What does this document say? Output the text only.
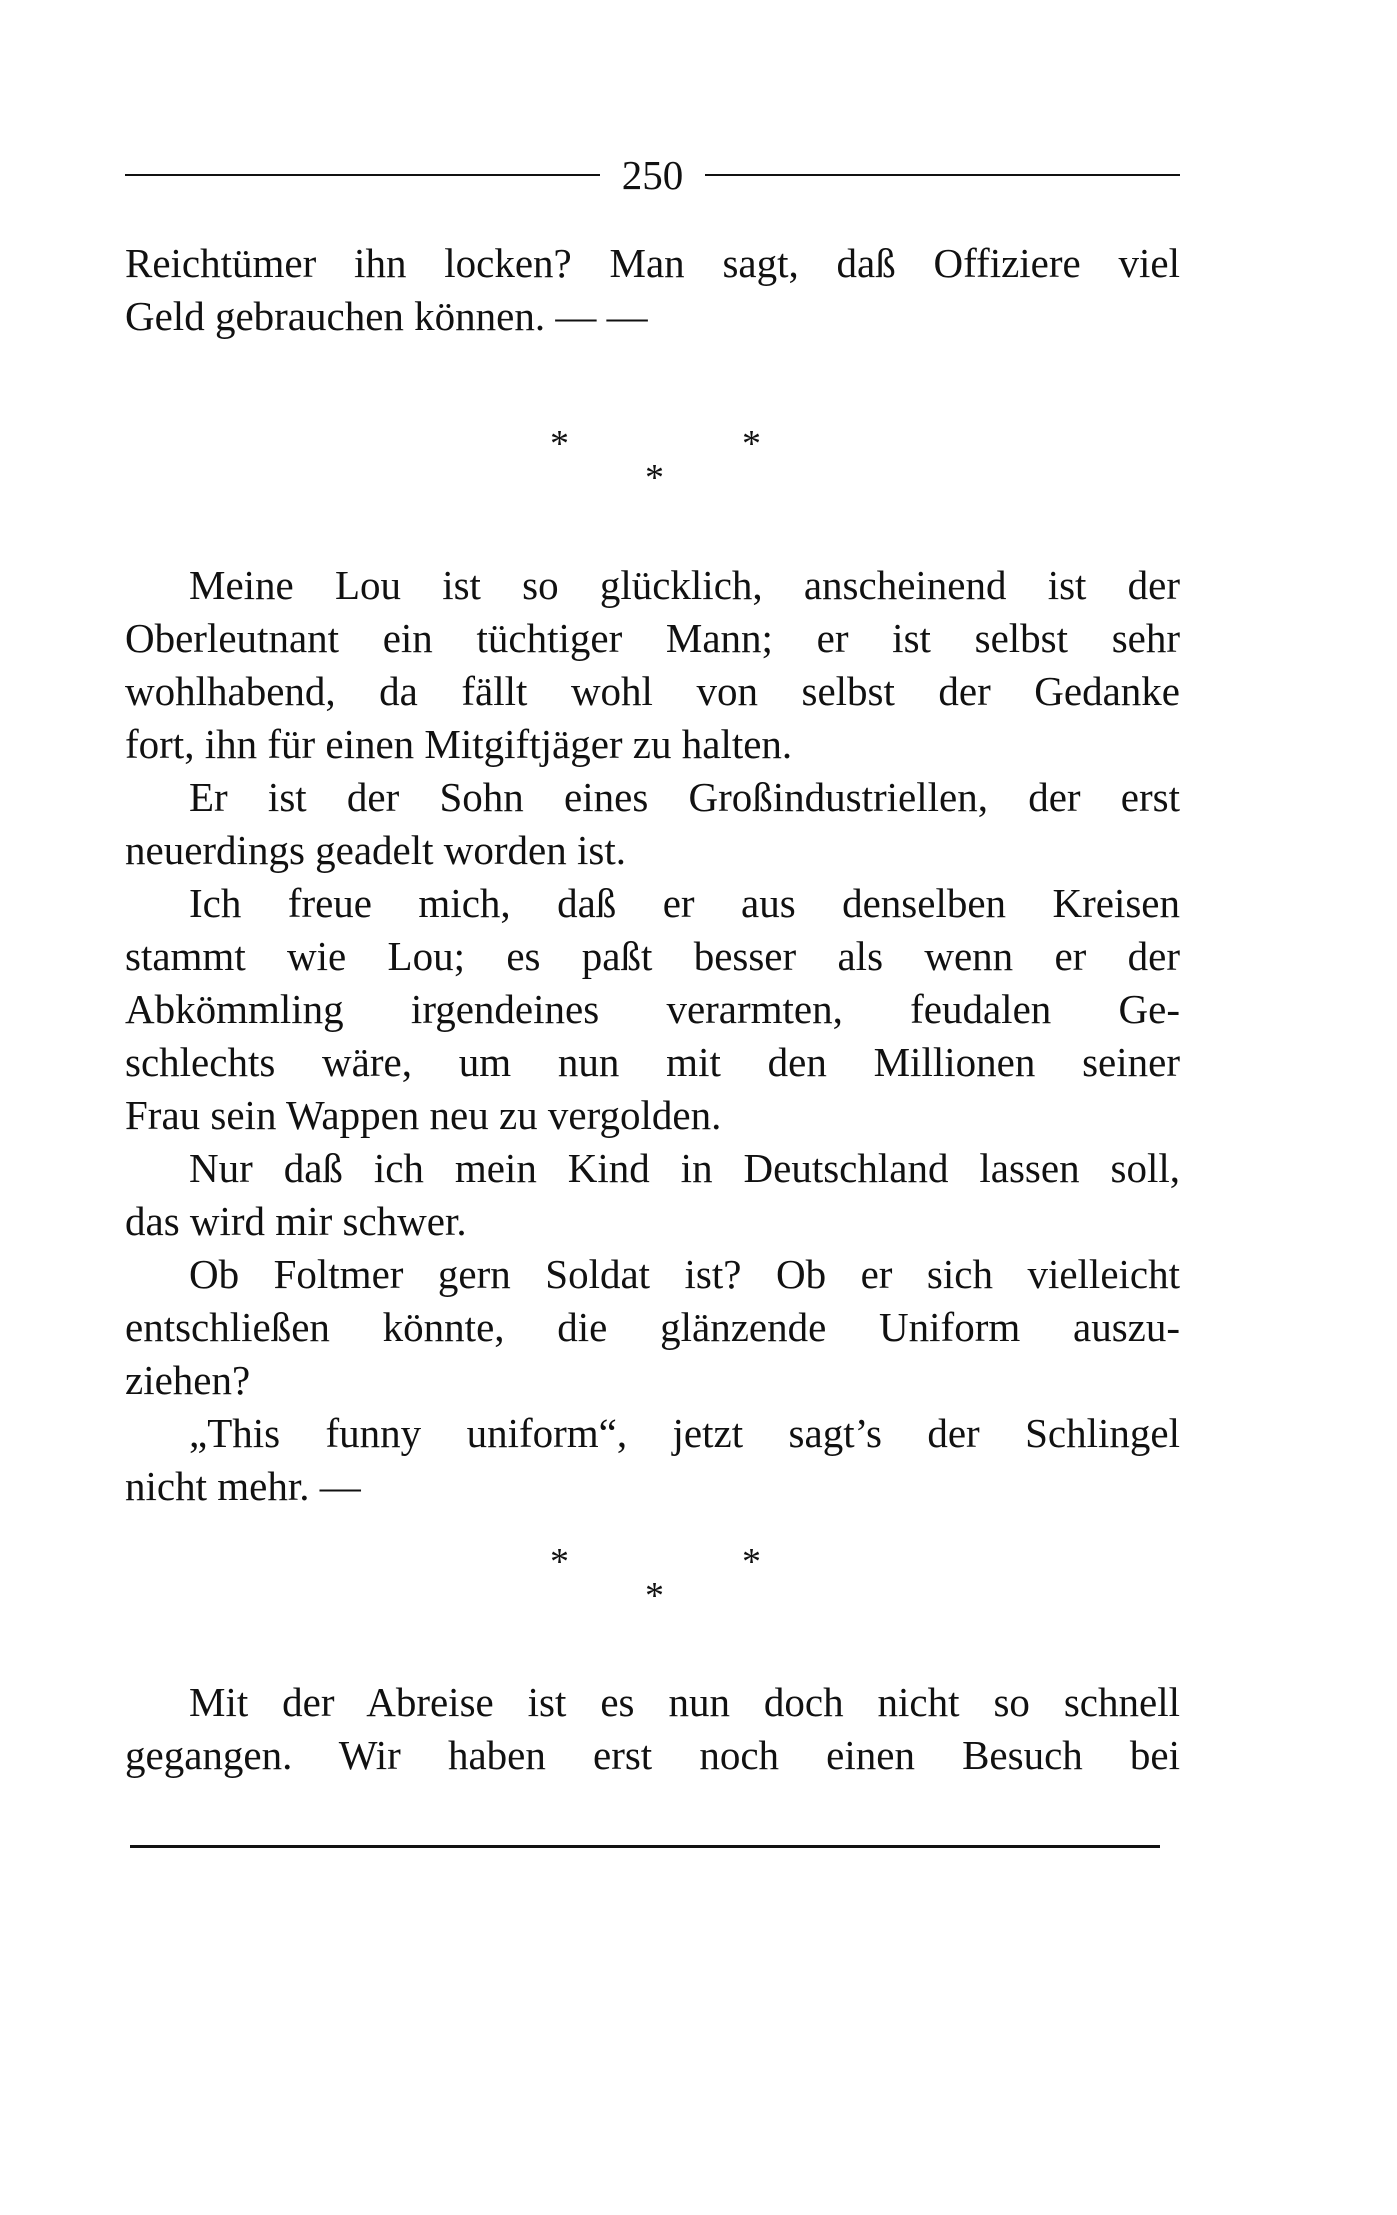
250

Reichtümer ihn locken? Man sagt, daß Offiziere viel

Geld gebrauchen können. — —

*	*
*

Meine Lou ist so glücklich, anscheinend ist der

Oberleutnant ein tüchtiger Mann; er ist selbst sehr

wohlhabend, da fällt wohl von selbst der Gedanke

fort, ihn für einen Mitgiftjäger zu halten.

Er ist der Sohn eines Großindustriellen, der erst

neuerdings geadelt worden ist.

Ich freue mich, daß er aus denselben Kreisen

stammt wie Lou; es paßt besser als wenn er der

Abkömmling irgendeines verarmten, feudalen Ge-

schlechts wäre, um nun mit den Millionen seiner

Frau sein Wappen neu zu vergolden.

Nur daß ich mein Kind in Deutschland lassen soll,

das wird mir schwer.

Ob Foltmer gern Soldat ist? Ob er sich vielleicht

entschließen könnte, die glänzende Uniform auszu-

ziehen?

„This funny uniform“, jetzt sagt’s der Schlingel

nicht mehr. —

*	*
*

Mit der Abreise ist es nun doch nicht so schnell

gegangen. Wir haben erst noch einen Besuch bei
